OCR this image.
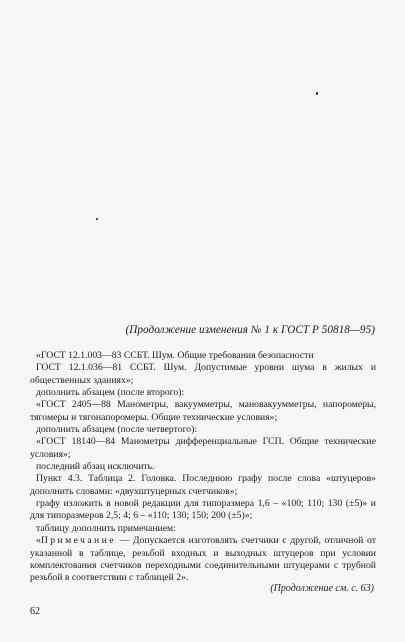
(Продолжение изменения № 1 к ГОСТ Р 50818—95)

«ГОСТ 12.1.003—83 ССБТ. Шум. Общие требования безопасности

ГОСТ 12.1.036—81 ССБТ. Шум. Допустимые уровни шума в жилых и общественных зданиях»;

дополнить абзацем (после второго):

«ГОСТ 2405—88 Манометры, вакуумметры, мановакуумметры, напоромеры, тягомеры и тягонапоромеры. Общие технические условия»;

дополнить абзацем (после четвертого):

«ГОСТ 18140—84 Манометры дифференциальные ГСП. Общие технические условия»;

последний абзац исключить.

Пункт 4.3. Таблица 2. Головка. Последнюю графу после слова «штуцеров» дополнить словами: «двухштуцерных счетчиков»;

графу изложить в новой редакции для типоразмера 1,6 – «100; 110; 130 (±5)» и для типоразмеров 2,5; 4; 6 – «110; 130; 150; 200 (±5)»;

таблицу дополнить примечанием:

«Примечание — Допускается изготовлять счетчики с другой, отличной от указанной в таблице, резьбой входных и выходных штуцеров при условии комплектования счетчиков переходными соединительными штуцерами с трубной резьбой в соответствии с таблицей 2».

(Продолжение см. с. 63)
62
